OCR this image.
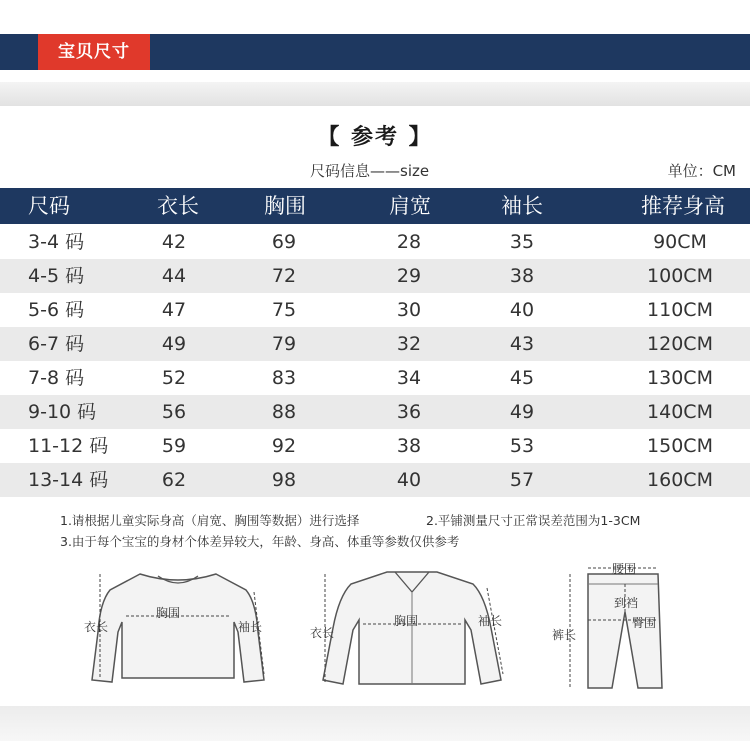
宝贝尺寸
【 参考 】
尺码信息——size	单位：CM
尺码	衣长	胸围	肩宽	袖长	推荐身高
3-4 码	42	69	28	35	90CM
4-5 码	44	72	29	38	100CM
5-6 码	47	75	30	40	110CM
6-7 码	49	79	32	43	120CM
7-8 码	52	83	34	45	130CM
9-10 码	56	88	36	49	140CM
11-12 码	59	92	38	53	150CM
13-14 码	62	98	40	57	160CM
1.请根据儿童实际身高（肩宽、胸围等数据）进行选择	2.平铺测量尺寸正常误差范围为1-3CM
3.由于每个宝宝的身材个体差异较大，年龄、身高、体重等参数仅供参考
衣长
胸围
袖长	衣长
胸围	袖长
腰围
到裆
臀围
裤长
